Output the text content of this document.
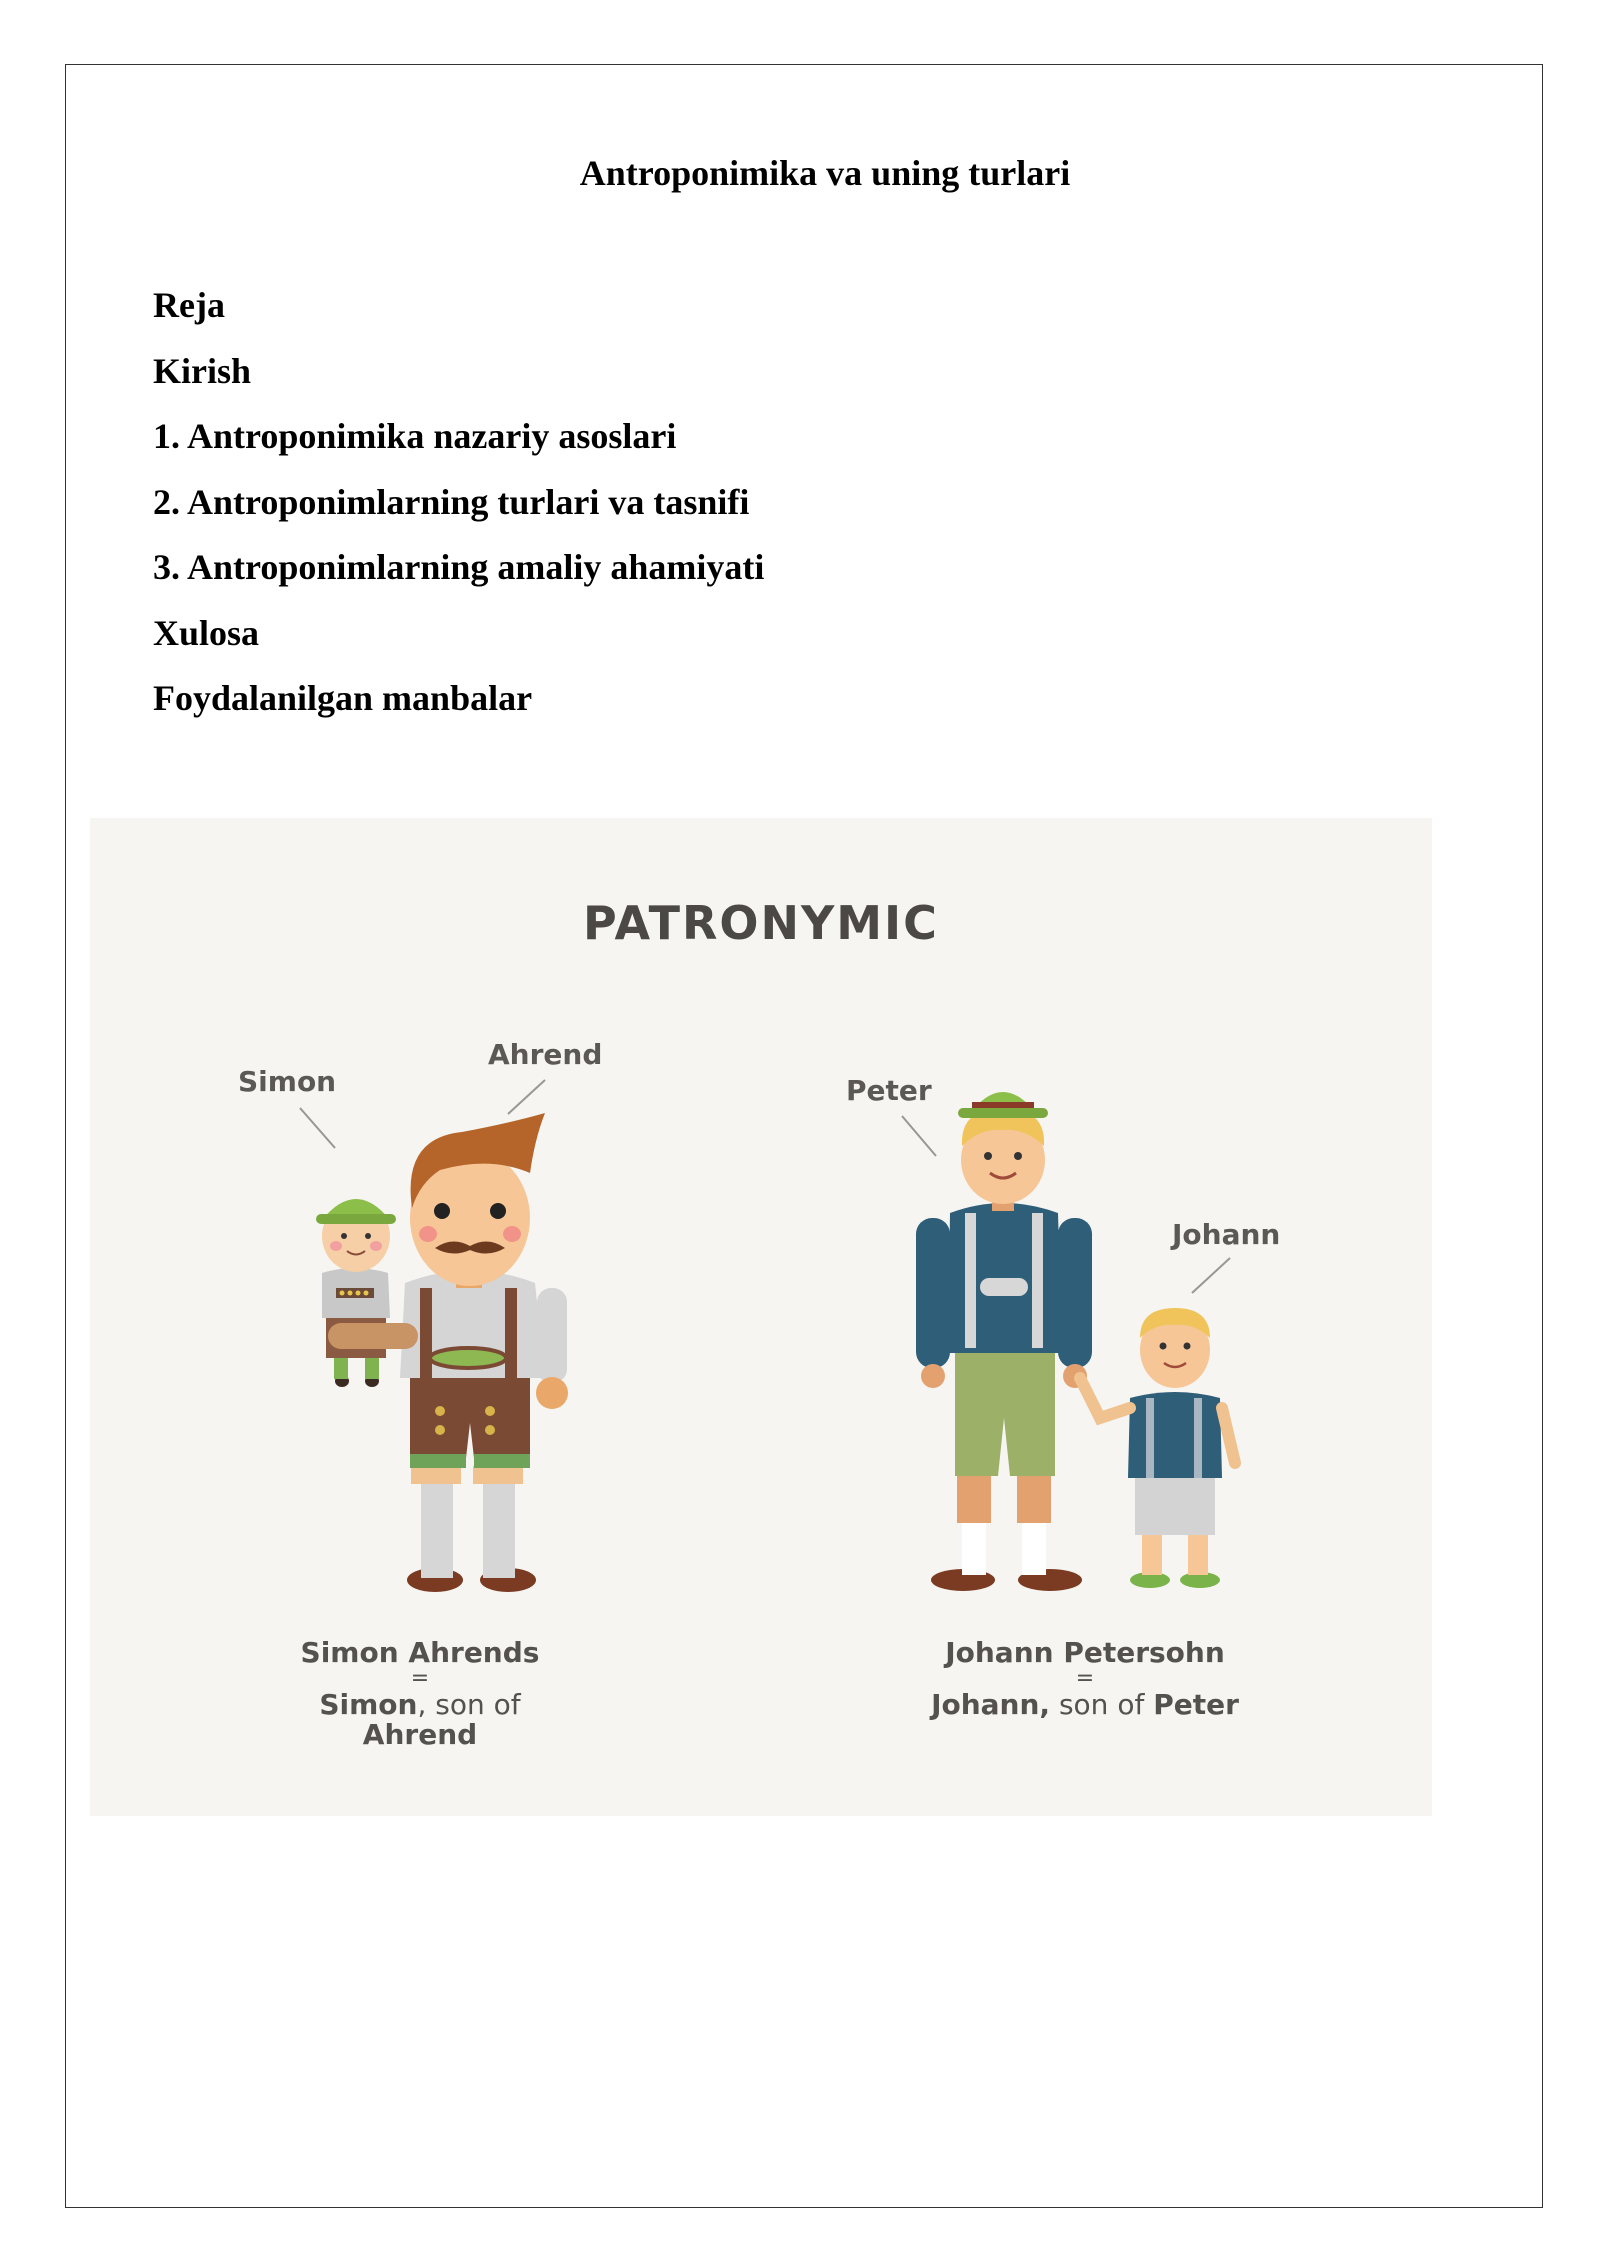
Antroponimika va uning turlari
Reja
Kirish
1. Antroponimika nazariy asoslari
2. Antroponimlarning turlari va tasnifi
3. Antroponimlarning amaliy ahamiyati
Xulosa
Foydalanilgan manbalar
PATRONYMIC
Simon
Ahrend
Peter
Johann
Simon Ahrends
=
Simon, son of Ahrend
Johann Petersohn
=
Johann, son of Peter
